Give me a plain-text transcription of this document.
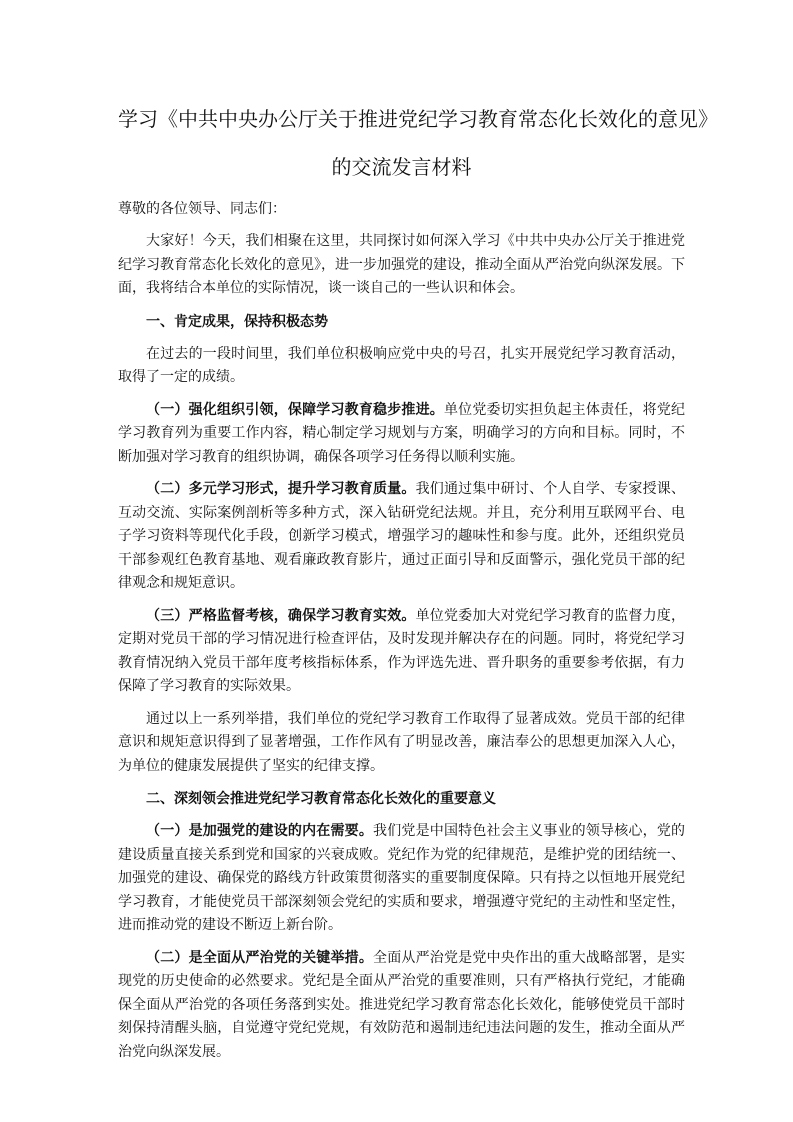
学习《中共中央办公厅关于推进党纪学习教育常态化长效化的意见》
的交流发言材料
尊敬的各位领导、同志们：

大家好！今天，我们相聚在这里，共同探讨如何深入学习《中共中央办公厅关于推进党纪学习教育常态化长效化的意见》，进一步加强党的建设，推动全面从严治党向纵深发展。下面，我将结合本单位的实际情况，谈一谈自己的一些认识和体会。

一、肯定成果，保持积极态势

在过去的一段时间里，我们单位积极响应党中央的号召，扎实开展党纪学习教育活动，取得了一定的成绩。

（一）强化组织引领，保障学习教育稳步推进。单位党委切实担负起主体责任，将党纪学习教育列为重要工作内容，精心制定学习规划与方案，明确学习的方向和目标。同时，不断加强对学习教育的组织协调，确保各项学习任务得以顺利实施。

（二）多元学习形式，提升学习教育质量。我们通过集中研讨、个人自学、专家授课、互动交流、实际案例剖析等多种方式，深入钻研党纪法规。并且，充分利用互联网平台、电子学习资料等现代化手段，创新学习模式，增强学习的趣味性和参与度。此外，还组织党员干部参观红色教育基地、观看廉政教育影片，通过正面引导和反面警示，强化党员干部的纪律观念和规矩意识。

（三）严格监督考核，确保学习教育实效。单位党委加大对党纪学习教育的监督力度，定期对党员干部的学习情况进行检查评估，及时发现并解决存在的问题。同时，将党纪学习教育情况纳入党员干部年度考核指标体系，作为评选先进、晋升职务的重要参考依据，有力保障了学习教育的实际效果。

通过以上一系列举措，我们单位的党纪学习教育工作取得了显著成效。党员干部的纪律意识和规矩意识得到了显著增强，工作作风有了明显改善，廉洁奉公的思想更加深入人心，为单位的健康发展提供了坚实的纪律支撑。

二、深刻领会推进党纪学习教育常态化长效化的重要意义

（一）是加强党的建设的内在需要。我们党是中国特色社会主义事业的领导核心，党的建设质量直接关系到党和国家的兴衰成败。党纪作为党的纪律规范，是维护党的团结统一、加强党的建设、确保党的路线方针政策贯彻落实的重要制度保障。只有持之以恒地开展党纪学习教育，才能使党员干部深刻领会党纪的实质和要求，增强遵守党纪的主动性和坚定性，进而推动党的建设不断迈上新台阶。

（二）是全面从严治党的关键举措。全面从严治党是党中央作出的重大战略部署，是实现党的历史使命的必然要求。党纪是全面从严治党的重要准则，只有严格执行党纪，才能确保全面从严治党的各项任务落到实处。推进党纪学习教育常态化长效化，能够使党员干部时刻保持清醒头脑，自觉遵守党纪党规，有效防范和遏制违纪违法问题的发生，推动全面从严治党向纵深发展。
